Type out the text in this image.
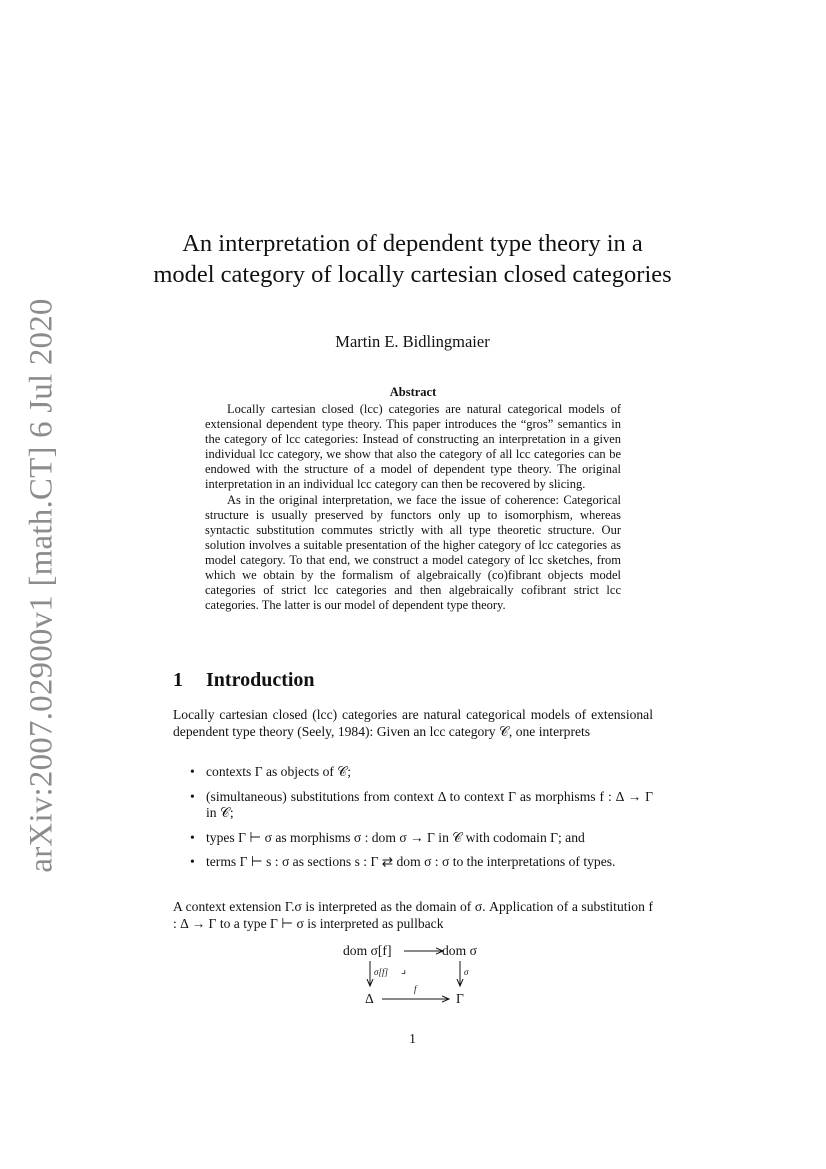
arXiv:2007.02900v1 [math.CT] 6 Jul 2020
An interpretation of dependent type theory in a model category of locally cartesian closed categories
Martin E. Bidlingmaier
Abstract

Locally cartesian closed (lcc) categories are natural categorical models of extensional dependent type theory. This paper introduces the “gros” semantics in the category of lcc categories: Instead of constructing an interpretation in a given individual lcc category, we show that also the category of all lcc categories can be endowed with the structure of a model of dependent type theory. The original interpretation in an individual lcc category can then be recovered by slicing.

As in the original interpretation, we face the issue of coherence: Categorical structure is usually preserved by functors only up to isomorphism, whereas syntactic substitution commutes strictly with all type theoretic structure. Our solution involves a suitable presentation of the higher category of lcc categories as model category. To that end, we construct a model category of lcc sketches, from which we obtain by the formalism of algebraically (co)fibrant objects model categories of strict lcc categories and then algebraically cofibrant strict lcc categories. The latter is our model of dependent type theory.

1 Introduction
Locally cartesian closed (lcc) categories are natural categorical models of extensional dependent type theory (Seely, 1984): Given an lcc category 𝒞, one interprets
• contexts Γ as objects of 𝒞;
• (simultaneous) substitutions from context Δ to context Γ as morphisms f : Δ → Γ in 𝒞;
• types Γ ⊢ σ as morphisms σ : dom σ → Γ in 𝒞 with codomain Γ; and
• terms Γ ⊢ s : σ as sections s : Γ ⇄ dom σ : σ to the interpretations of types.
A context extension Γ.σ is interpreted as the domain of σ. Application of a substitution f : Δ → Γ to a type Γ ⊢ σ is interpreted as pullback
dom σ[f]	dom σ
Δ	Γ
σ[f]	σ
f
⌟
1
